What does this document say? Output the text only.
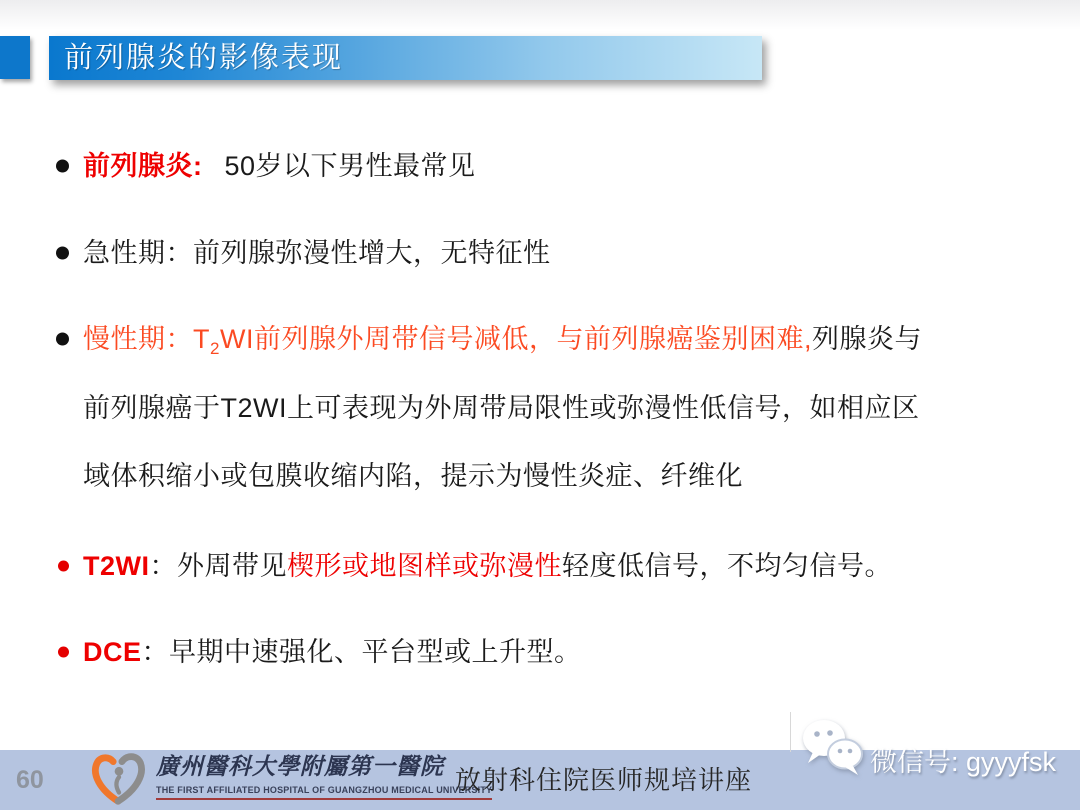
前列腺炎的影像表现
前列腺炎: 50岁以下男性最常见
急性期：前列腺弥漫性增大，无特征性
慢性期：$T_2WI$前列腺外周带信号减低，与前列腺癌鉴别困难,列腺炎与
前列腺癌于T2WI上可表现为外周带局限性或弥漫性低信号，如相应区
域体积缩小或包膜收缩内陷，提示为慢性炎症、纤维化
T2WI：外周带见楔形或地图样或弥漫性轻度低信号，不均匀信号。
DCE：早期中速强化、平台型或上升型。
60	廣州醫科大學附屬第一醫院
THE FIRST AFFILIATED HOSPITAL OF GUANGZHOU MEDICAL UNIVERSITY
放射科住院医师规培讲座
微信号: gyyyfsk
